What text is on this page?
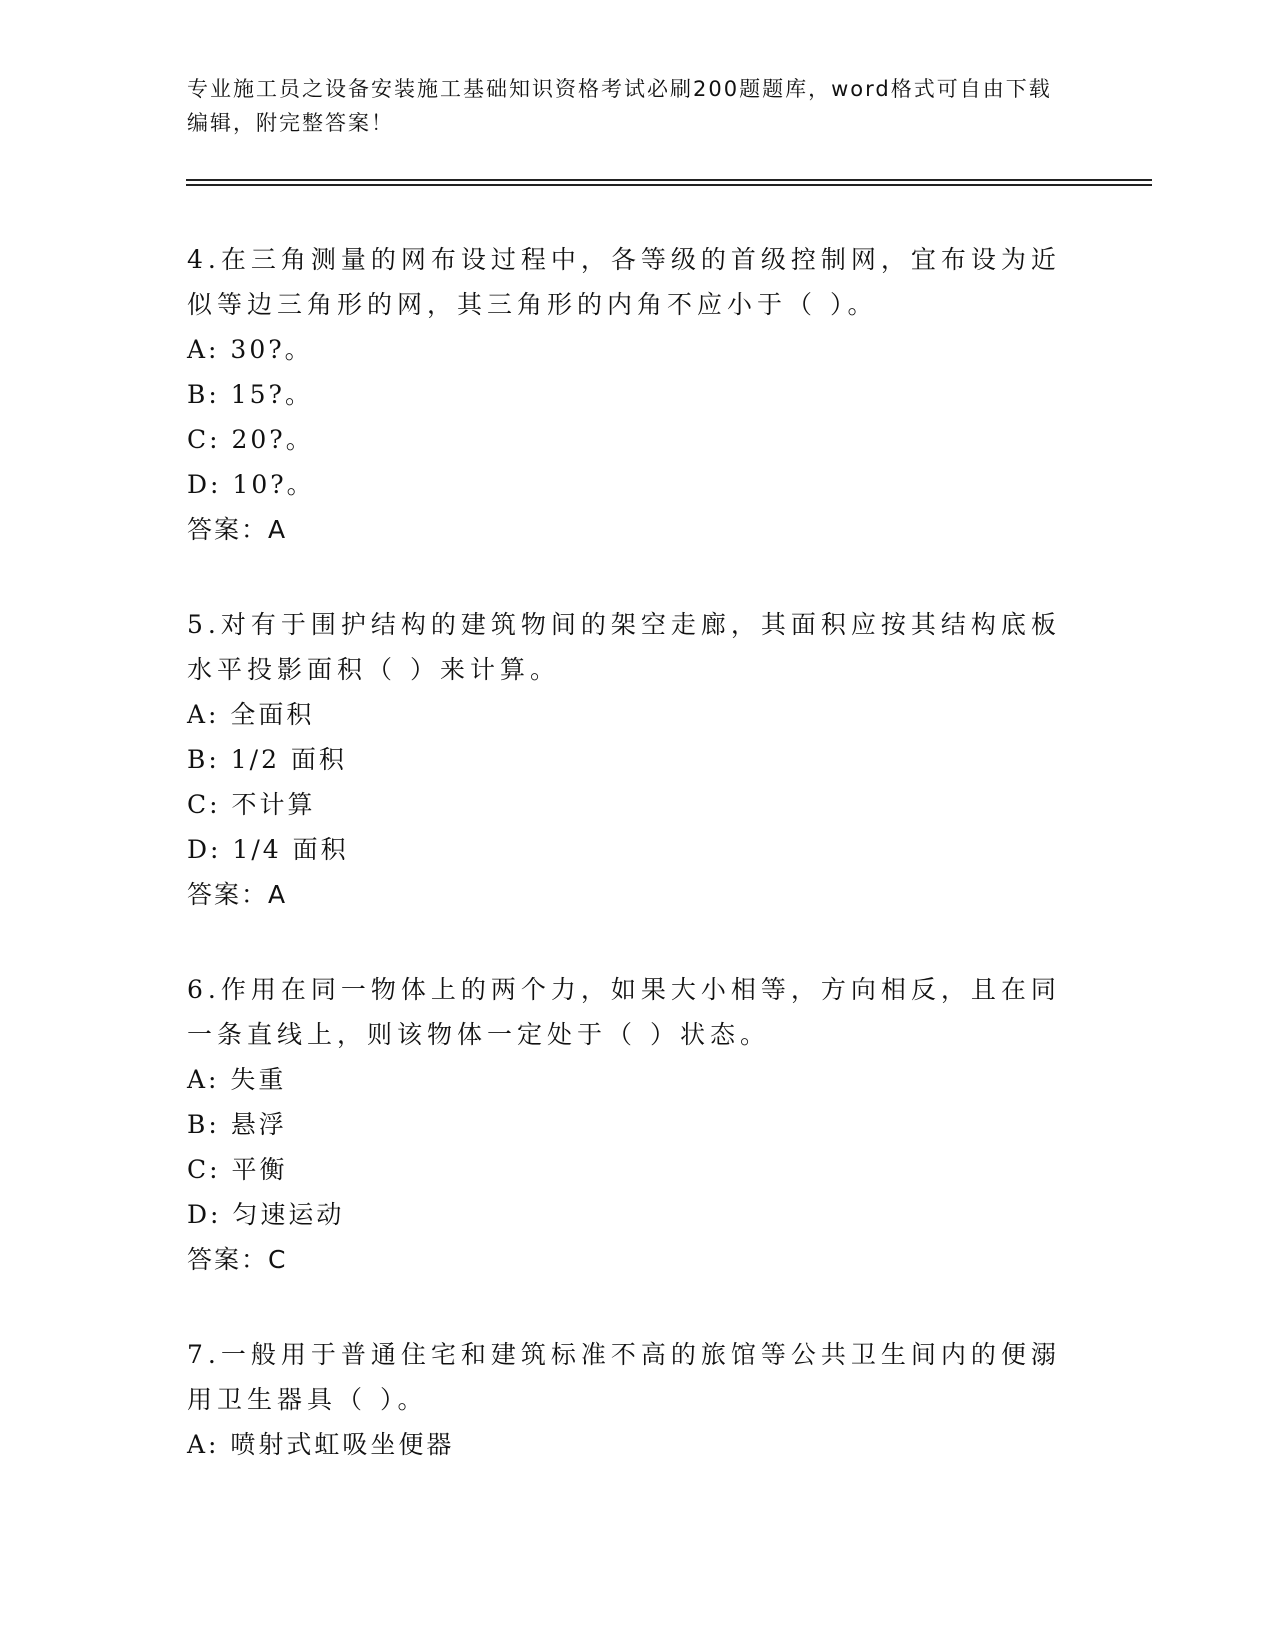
专业施工员之设备安装施工基础知识资格考试必刷200题题库，word格式可自由下载编辑，附完整答案！

4.在三角测量的网布设过程中，各等级的首级控制网，宜布设为近似等边三角形的网，其三角形的内角不应小于（ ）。

A: 30?。

B: 15?。

C: 20?。

D: 10?。

答案：A

5.对有于围护结构的建筑物间的架空走廊，其面积应按其结构底板水平投影面积（ ）来计算。

A: 全面积

B: 1/2 面积

C: 不计算

D: 1/4 面积

答案：A

6.作用在同一物体上的两个力，如果大小相等，方向相反，且在同一条直线上，则该物体一定处于（ ）状态。

A: 失重

B: 悬浮

C: 平衡

D: 匀速运动

答案：C

7.一般用于普通住宅和建筑标准不高的旅馆等公共卫生间内的便溺用卫生器具（ ）。

A: 喷射式虹吸坐便器
